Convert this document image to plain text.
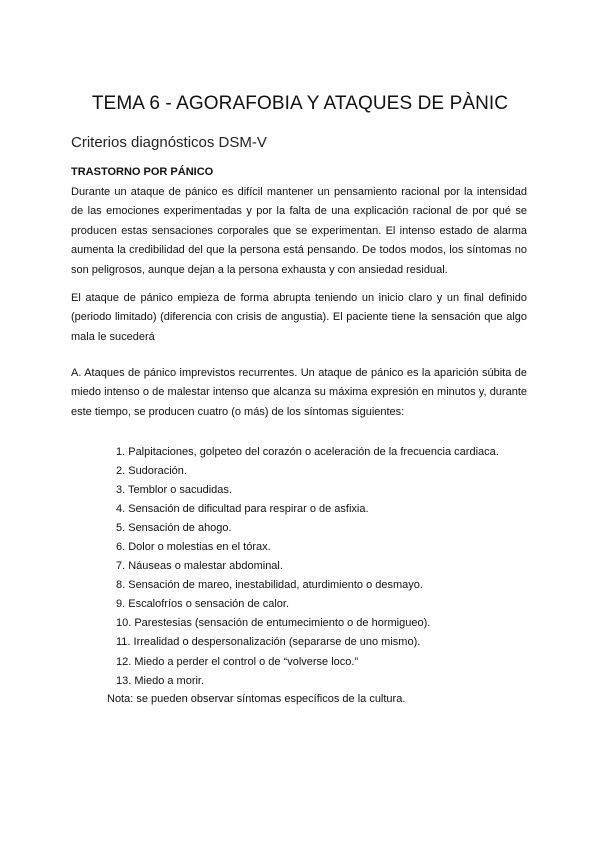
TEMA 6 - AGORAFOBIA Y ATAQUES DE PÀNIC
Criterios diagnósticos DSM-V
TRASTORNO POR PÁNICO

Durante un ataque de pánico es difícil mantener un pensamiento racional por la intensidad de las emociones experimentadas y por la falta de una explicación racional de por qué se producen estas sensaciones corporales que se experimentan. El intenso estado de alarma aumenta la credibilidad del que la persona está pensando. De todos modos, los síntomas no son peligrosos, aunque dejan a la persona exhausta y con ansiedad residual.

El ataque de pánico empieza de forma abrupta teniendo un inicio claro y un final definido (periodo limitado) (diferencia con crisis de angustia). El paciente tiene la sensación que algo mala le sucederá

A. Ataques de pánico imprevistos recurrentes. Un ataque de pánico es la aparición súbita de miedo intenso o de malestar intenso que alcanza su máxima expresión en minutos y, durante este tiempo, se producen cuatro (o más) de los síntomas siguientes:

1. Palpitaciones, golpeteo del corazón o aceleración de la frecuencia cardiaca.
2. Sudoración.
3. Temblor o sacudidas.
4. Sensación de dificultad para respirar o de asfixia.
5. Sensación de ahogo.
6. Dolor o molestias en el tórax.
7. Náuseas o malestar abdominal.
8. Sensación de mareo, inestabilidad, aturdimiento o desmayo.
9. Escalofríos o sensación de calor.
10. Parestesias (sensación de entumecimiento o de hormigueo).
11. Irrealidad o despersonalización (separarse de uno mismo).
12. Miedo a perder el control o de “volverse loco.”
13. Miedo a morir.

Nota: se pueden observar síntomas específicos de la cultura.
